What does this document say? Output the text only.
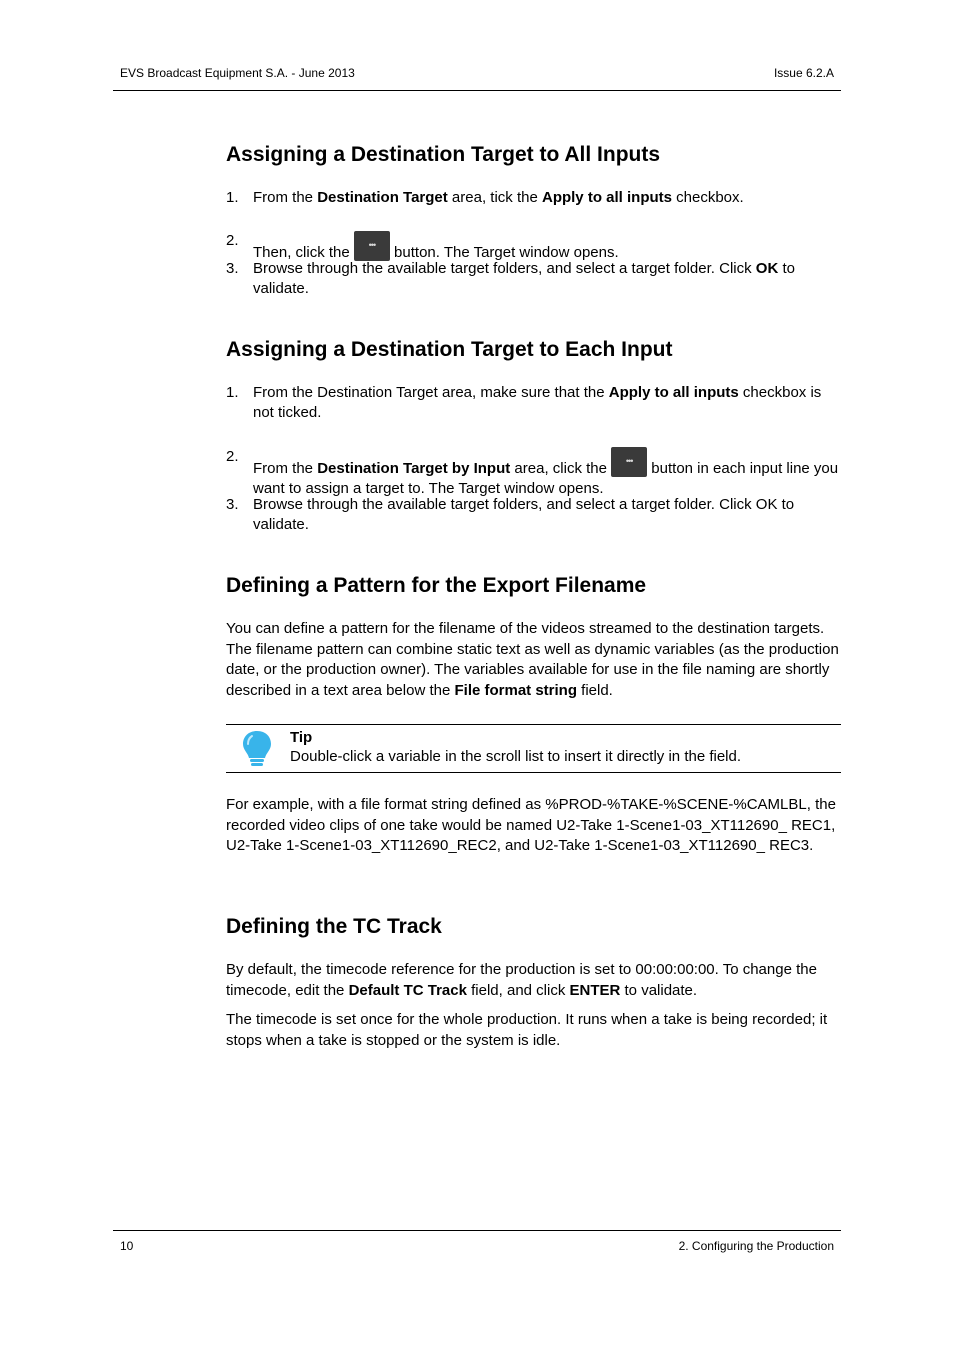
EVS Broadcast Equipment S.A. - June 2013	Issue 6.2.A
Assigning a Destination Target to All Inputs
1. From the Destination Target area, tick the Apply to all inputs checkbox.
2.
Then, click the	••• button. The Target window opens.
3. Browse through the available target folders, and select a target folder. Click OK to validate.
Assigning a Destination Target to Each Input
1. From the Destination Target area, make sure that the Apply to all inputs checkbox is not ticked.
2.
From the Destination Target by Input area, click the	••• button in each input line you want to assign a target to. The Target window opens.
3. Browse through the available target folders, and select a target folder. Click OK to validate.
Defining a Pattern for the Export Filename

You can define a pattern for the filename of the videos streamed to the destination targets. The filename pattern can combine static text as well as dynamic variables (as the production date, or the production owner). The variables available for use in the file naming are shortly described in a text area below the File format string field.

Tip
Double-click a variable in the scroll list to insert it directly in the field.

For example, with a file format string defined as %PROD-%TAKE-%SCENE-%CAMLBL, the recorded video clips of one take would be named U2-Take 1-Scene1-03_XT112690_ REC1, U2-Take 1-Scene1-03_XT112690_REC2, and U2-Take 1-Scene1-03_XT112690_ REC3.

Defining the TC Track

By default, the timecode reference for the production is set to 00:00:00:00. To change the timecode, edit the Default TC Track field, and click ENTER to validate.

The timecode is set once for the whole production. It runs when a take is being recorded; it stops when a take is stopped or the system is idle.

10	2. Configuring the Production
